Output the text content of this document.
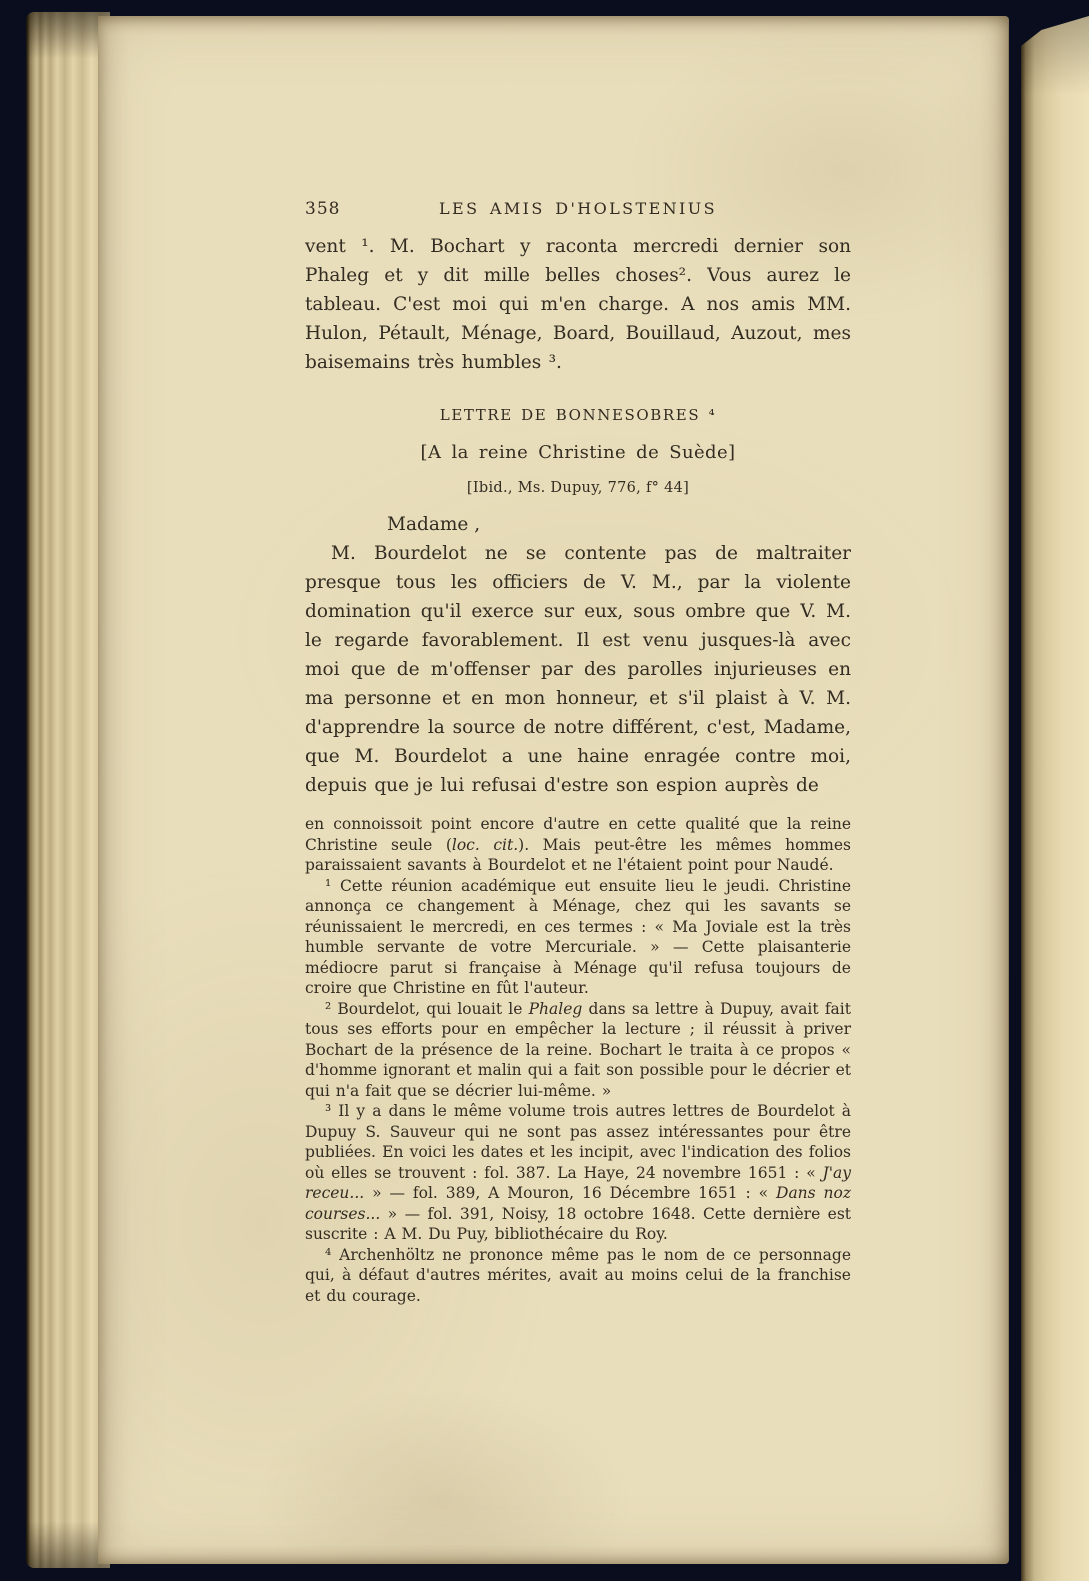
358	LES AMIS D'HOLSTENIUS

vent ¹. M. Bochart y raconta mercredi dernier son Phaleg et y dit mille belles choses². Vous aurez le tableau. C'est moi qui m'en charge. A nos amis MM. Hulon, Pétault, Ménage, Board, Bouillaud, Auzout, mes baisemains très humbles ³.

LETTRE DE BONNESOBRES ⁴
[A la reine Christine de Suède]
[Ibid., Ms. Dupuy, 776, f° 44]

Madame ,

M. Bourdelot ne se contente pas de maltraiter presque tous les officiers de V. M., par la violente domination qu'il exerce sur eux, sous ombre que V. M. le regarde favorablement. Il est venu jusques-là avec moi que de m'offenser par des parolles injurieuses en ma personne et en mon honneur, et s'il plaist à V. M. d'apprendre la source de notre différent, c'est, Madame, que M. Bourdelot a une haine enragée contre moi, depuis que je lui refusai d'estre son espion auprès de

en connoissoit point encore d'autre en cette qualité que la reine Christine seule (loc. cit.). Mais peut-être les mêmes hommes paraissaient savants à Bourdelot et ne l'étaient point pour Naudé.

¹ Cette réunion académique eut ensuite lieu le jeudi. Christine annonça ce changement à Ménage, chez qui les savants se réunissaient le mercredi, en ces termes : « Ma Joviale est la très humble servante de votre Mercuriale. » — Cette plaisanterie médiocre parut si française à Ménage qu'il refusa toujours de croire que Christine en fût l'auteur.

² Bourdelot, qui louait le Phaleg dans sa lettre à Dupuy, avait fait tous ses efforts pour en empêcher la lecture ; il réussit à priver Bochart de la présence de la reine. Bochart le traita à ce propos « d'homme ignorant et malin qui a fait son possible pour le décrier et qui n'a fait que se décrier lui-même. »

³ Il y a dans le même volume trois autres lettres de Bourdelot à Dupuy S. Sauveur qui ne sont pas assez intéressantes pour être publiées. En voici les dates et les incipit, avec l'indication des folios où elles se trouvent : fol. 387. La Haye, 24 novembre 1651 : « J'ay receu... » — fol. 389, A Mouron, 16 Décembre 1651 : « Dans noz courses... » — fol. 391, Noisy, 18 octobre 1648. Cette dernière est suscrite : A M. Du Puy, bibliothécaire du Roy.

⁴ Archenhöltz ne prononce même pas le nom de ce personnage qui, à défaut d'autres mérites, avait au moins celui de la franchise et du courage.
